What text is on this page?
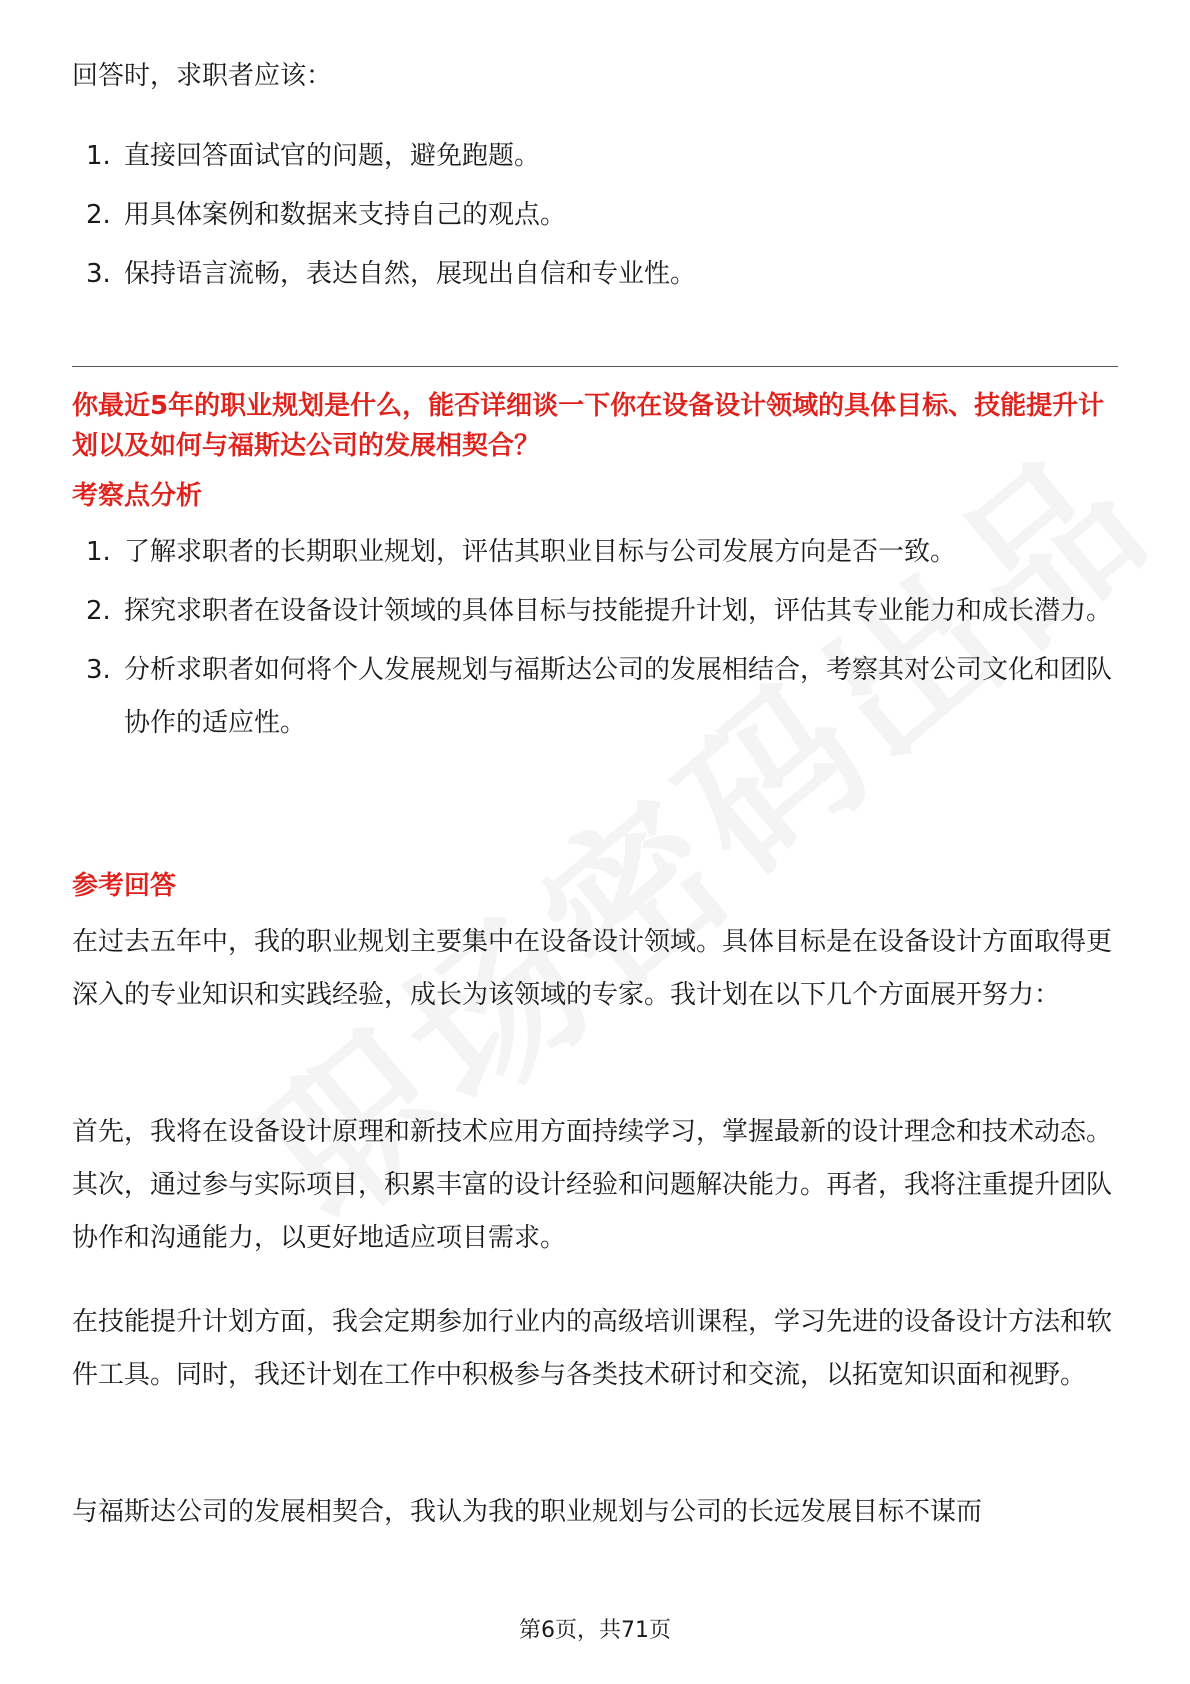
回答时，求职者应该：

1. 直接回答面试官的问题，避免跑题。
2. 用具体案例和数据来支持自己的观点。
3. 保持语言流畅，表达自然，展现出自信和专业性。

你最近5年的职业规划是什么，能否详细谈一下你在设备设计领域的具体目标、技能提升计划以及如何与福斯达公司的发展相契合？

考察点分析

1. 了解求职者的长期职业规划，评估其职业目标与公司发展方向是否一致。
2. 探究求职者在设备设计领域的具体目标与技能提升计划，评估其专业能力和成长潜力。
3. 分析求职者如何将个人发展规划与福斯达公司的发展相结合，考察其对公司文化和团队协作的适应性。

参考回答

在过去五年中，我的职业规划主要集中在设备设计领域。具体目标是在设备设计方面取得更深入的专业知识和实践经验，成长为该领域的专家。我计划在以下几个方面展开努力：

首先，我将在设备设计原理和新技术应用方面持续学习，掌握最新的设计理念和技术动态。其次，通过参与实际项目，积累丰富的设计经验和问题解决能力。再者，我将注重提升团队协作和沟通能力，以更好地适应项目需求。

在技能提升计划方面，我会定期参加行业内的高级培训课程，学习先进的设备设计方法和软件工具。同时，我还计划在工作中积极参与各类技术研讨和交流，以拓宽知识面和视野。

与福斯达公司的发展相契合，我认为我的职业规划与公司的长远发展目标不谋而

第6页，共71页
